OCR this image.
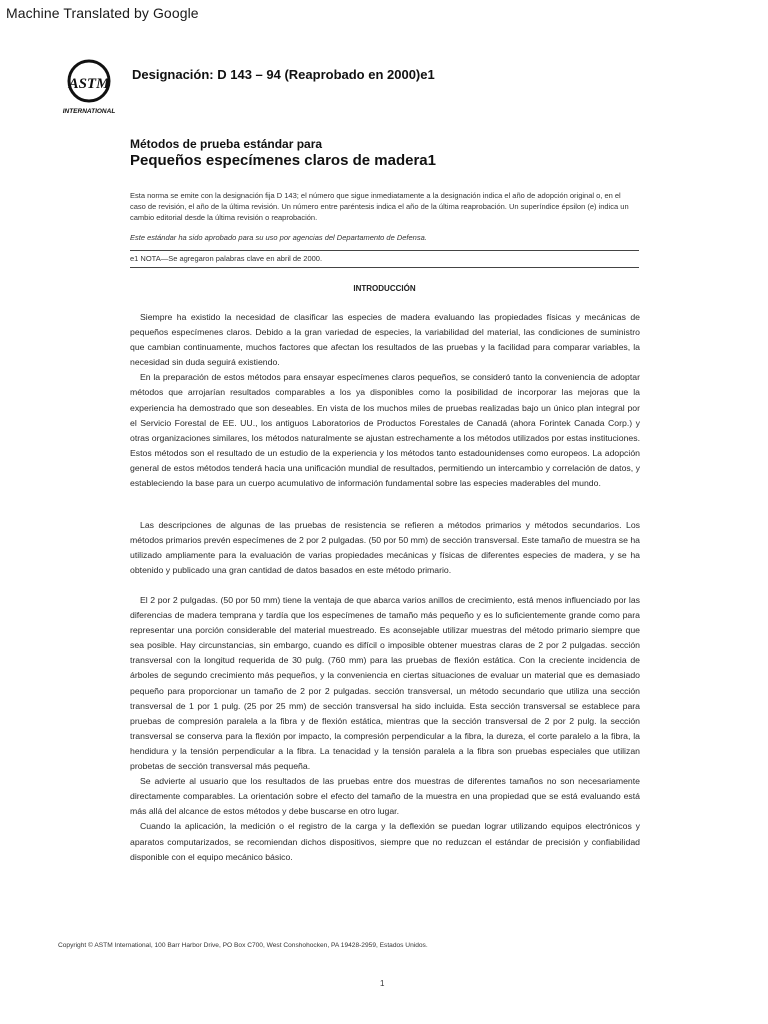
Machine Translated by Google
ASTM
INTERNATIONAL
Designación: D 143 – 94 (Reaprobado en 2000)e1
Métodos de prueba estándar para
Pequeños especímenes claros de madera1
Esta norma se emite con la designación fija D 143; el número que sigue inmediatamente a la designación indica el año de adopción original o, en el caso de revisión, el año de la última revisión. Un número entre paréntesis indica el año de la última reaprobación. Un superíndice épsilon (e) indica un cambio editorial desde la última revisión o reaprobación.
Este estándar ha sido aprobado para su uso por agencias del Departamento de Defensa.
e1 NOTA—Se agregaron palabras clave en abril de 2000.
INTRODUCCIÓN

Siempre ha existido la necesidad de clasificar las especies de madera evaluando las propiedades físicas y mecánicas de pequeños especímenes claros. Debido a la gran variedad de especies, la variabilidad del material, las condiciones de suministro que cambian continuamente, muchos factores que afectan los resultados de las pruebas y la facilidad para comparar variables, la necesidad sin duda seguirá existiendo.

En la preparación de estos métodos para ensayar especímenes claros pequeños, se consideró tanto la conveniencia de adoptar métodos que arrojarían resultados comparables a los ya disponibles como la posibilidad de incorporar las mejoras que la experiencia ha demostrado que son deseables. En vista de los muchos miles de pruebas realizadas bajo un único plan integral por el Servicio Forestal de EE. UU., los antiguos Laboratorios de Productos Forestales de Canadá (ahora Forintek Canada Corp.) y otras organizaciones similares, los métodos naturalmente se ajustan estrechamente a los métodos utilizados por estas instituciones. Estos métodos son el resultado de un estudio de la experiencia y los métodos tanto estadounidenses como europeos. La adopción general de estos métodos tenderá hacia una unificación mundial de resultados, permitiendo un intercambio y correlación de datos, y estableciendo la base para un cuerpo acumulativo de información fundamental sobre las especies maderables del mundo.

Las descripciones de algunas de las pruebas de resistencia se refieren a métodos primarios y métodos secundarios. Los métodos primarios prevén especímenes de 2 por 2 pulgadas. (50 por 50 mm) de sección transversal. Este tamaño de muestra se ha utilizado ampliamente para la evaluación de varias propiedades mecánicas y físicas de diferentes especies de madera, y se ha obtenido y publicado una gran cantidad de datos basados en este método primario.

El 2 por 2 pulgadas. (50 por 50 mm) tiene la ventaja de que abarca varios anillos de crecimiento, está menos influenciado por las diferencias de madera temprana y tardía que los especímenes de tamaño más pequeño y es lo suficientemente grande como para representar una porción considerable del material muestreado. Es aconsejable utilizar muestras del método primario siempre que sea posible. Hay circunstancias, sin embargo, cuando es difícil o imposible obtener muestras claras de 2 por 2 pulgadas. sección transversal con la longitud requerida de 30 pulg. (760 mm) para las pruebas de flexión estática. Con la creciente incidencia de árboles de segundo crecimiento más pequeños, y la conveniencia en ciertas situaciones de evaluar un material que es demasiado pequeño para proporcionar un tamaño de 2 por 2 pulgadas. sección transversal, un método secundario que utiliza una sección transversal de 1 por 1 pulg. (25 por 25 mm) de sección transversal ha sido incluida. Esta sección transversal se establece para pruebas de compresión paralela a la fibra y de flexión estática, mientras que la sección transversal de 2 por 2 pulg. la sección transversal se conserva para la flexión por impacto, la compresión perpendicular a la fibra, la dureza, el corte paralelo a la fibra, la hendidura y la tensión perpendicular a la fibra. La tenacidad y la tensión paralela a la fibra son pruebas especiales que utilizan probetas de sección transversal más pequeña.

Se advierte al usuario que los resultados de las pruebas entre dos muestras de diferentes tamaños no son necesariamente directamente comparables. La orientación sobre el efecto del tamaño de la muestra en una propiedad que se está evaluando está más allá del alcance de estos métodos y debe buscarse en otro lugar.

Cuando la aplicación, la medición o el registro de la carga y la deflexión se puedan lograr utilizando equipos electrónicos y aparatos computarizados, se recomiendan dichos dispositivos, siempre que no reduzcan el estándar de precisión y confiabilidad disponible con el equipo mecánico básico.

Copyright © ASTM International, 100 Barr Harbor Drive, PO Box C700, West Conshohocken, PA 19428-2959, Estados Unidos.
1
